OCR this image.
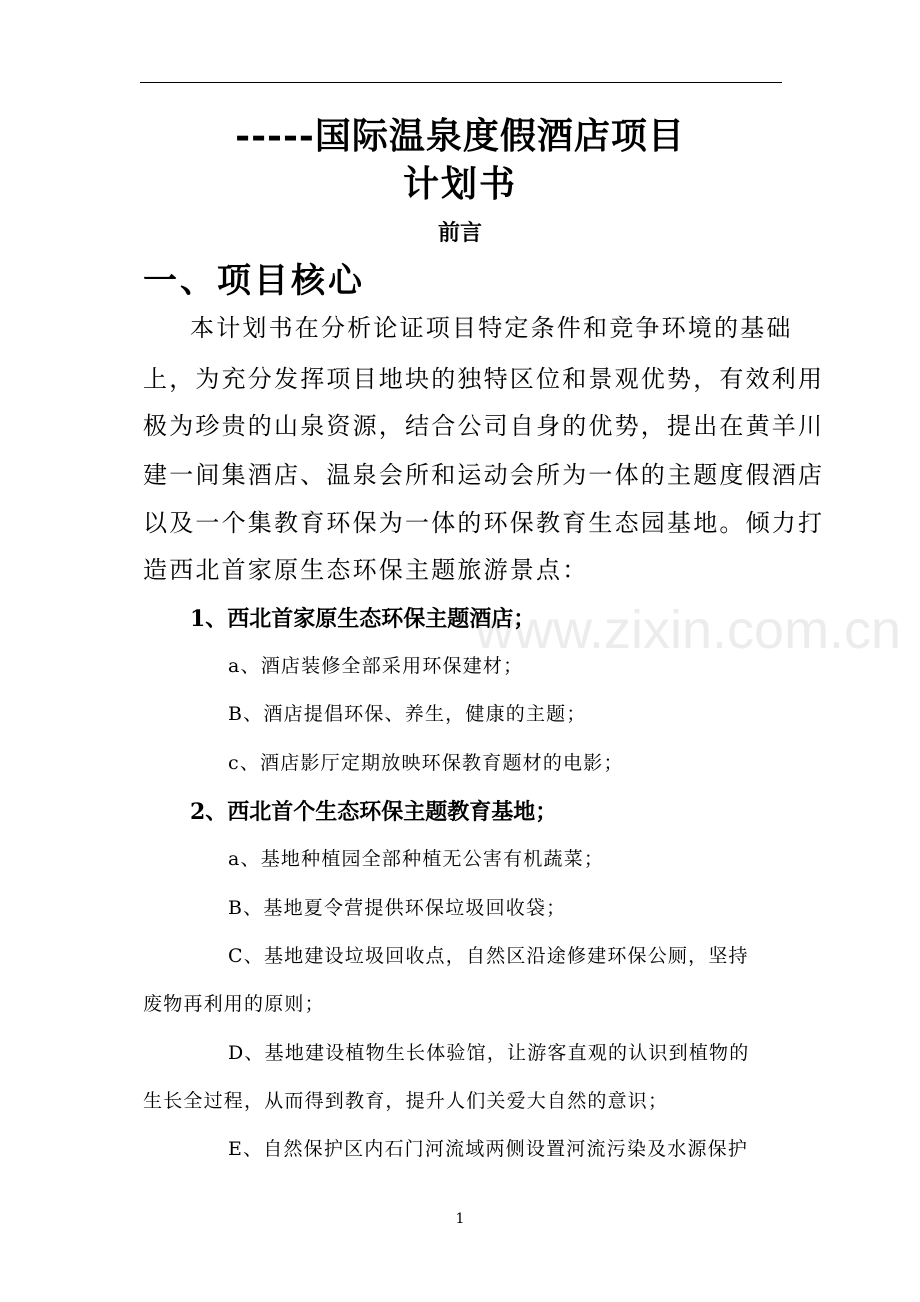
www.zixin.com.cn
-----国际温泉度假酒店项目
计划书
前言
一、项目核心
本计划书在分析论证项目特定条件和竞争环境的基础
上，为充分发挥项目地块的独特区位和景观优势，有效利用
极为珍贵的山泉资源，结合公司自身的优势，提出在黄羊川
建一间集酒店、温泉会所和运动会所为一体的主题度假酒店
以及一个集教育环保为一体的环保教育生态园基地。倾力打
造西北首家原生态环保主题旅游景点：
1、西北首家原生态环保主题酒店；
a、酒店装修全部采用环保建材；
B、酒店提倡环保、养生，健康的主题；
c、酒店影厅定期放映环保教育题材的电影；
2、西北首个生态环保主题教育基地；
a、基地种植园全部种植无公害有机蔬菜；
B、基地夏令营提供环保垃圾回收袋；
C、基地建设垃圾回收点，自然区沿途修建环保公厕，坚持
废物再利用的原则；
D、基地建设植物生长体验馆，让游客直观的认识到植物的
生长全过程，从而得到教育，提升人们关爱大自然的意识；
E、自然保护区内石门河流域两侧设置河流污染及水源保护
1
